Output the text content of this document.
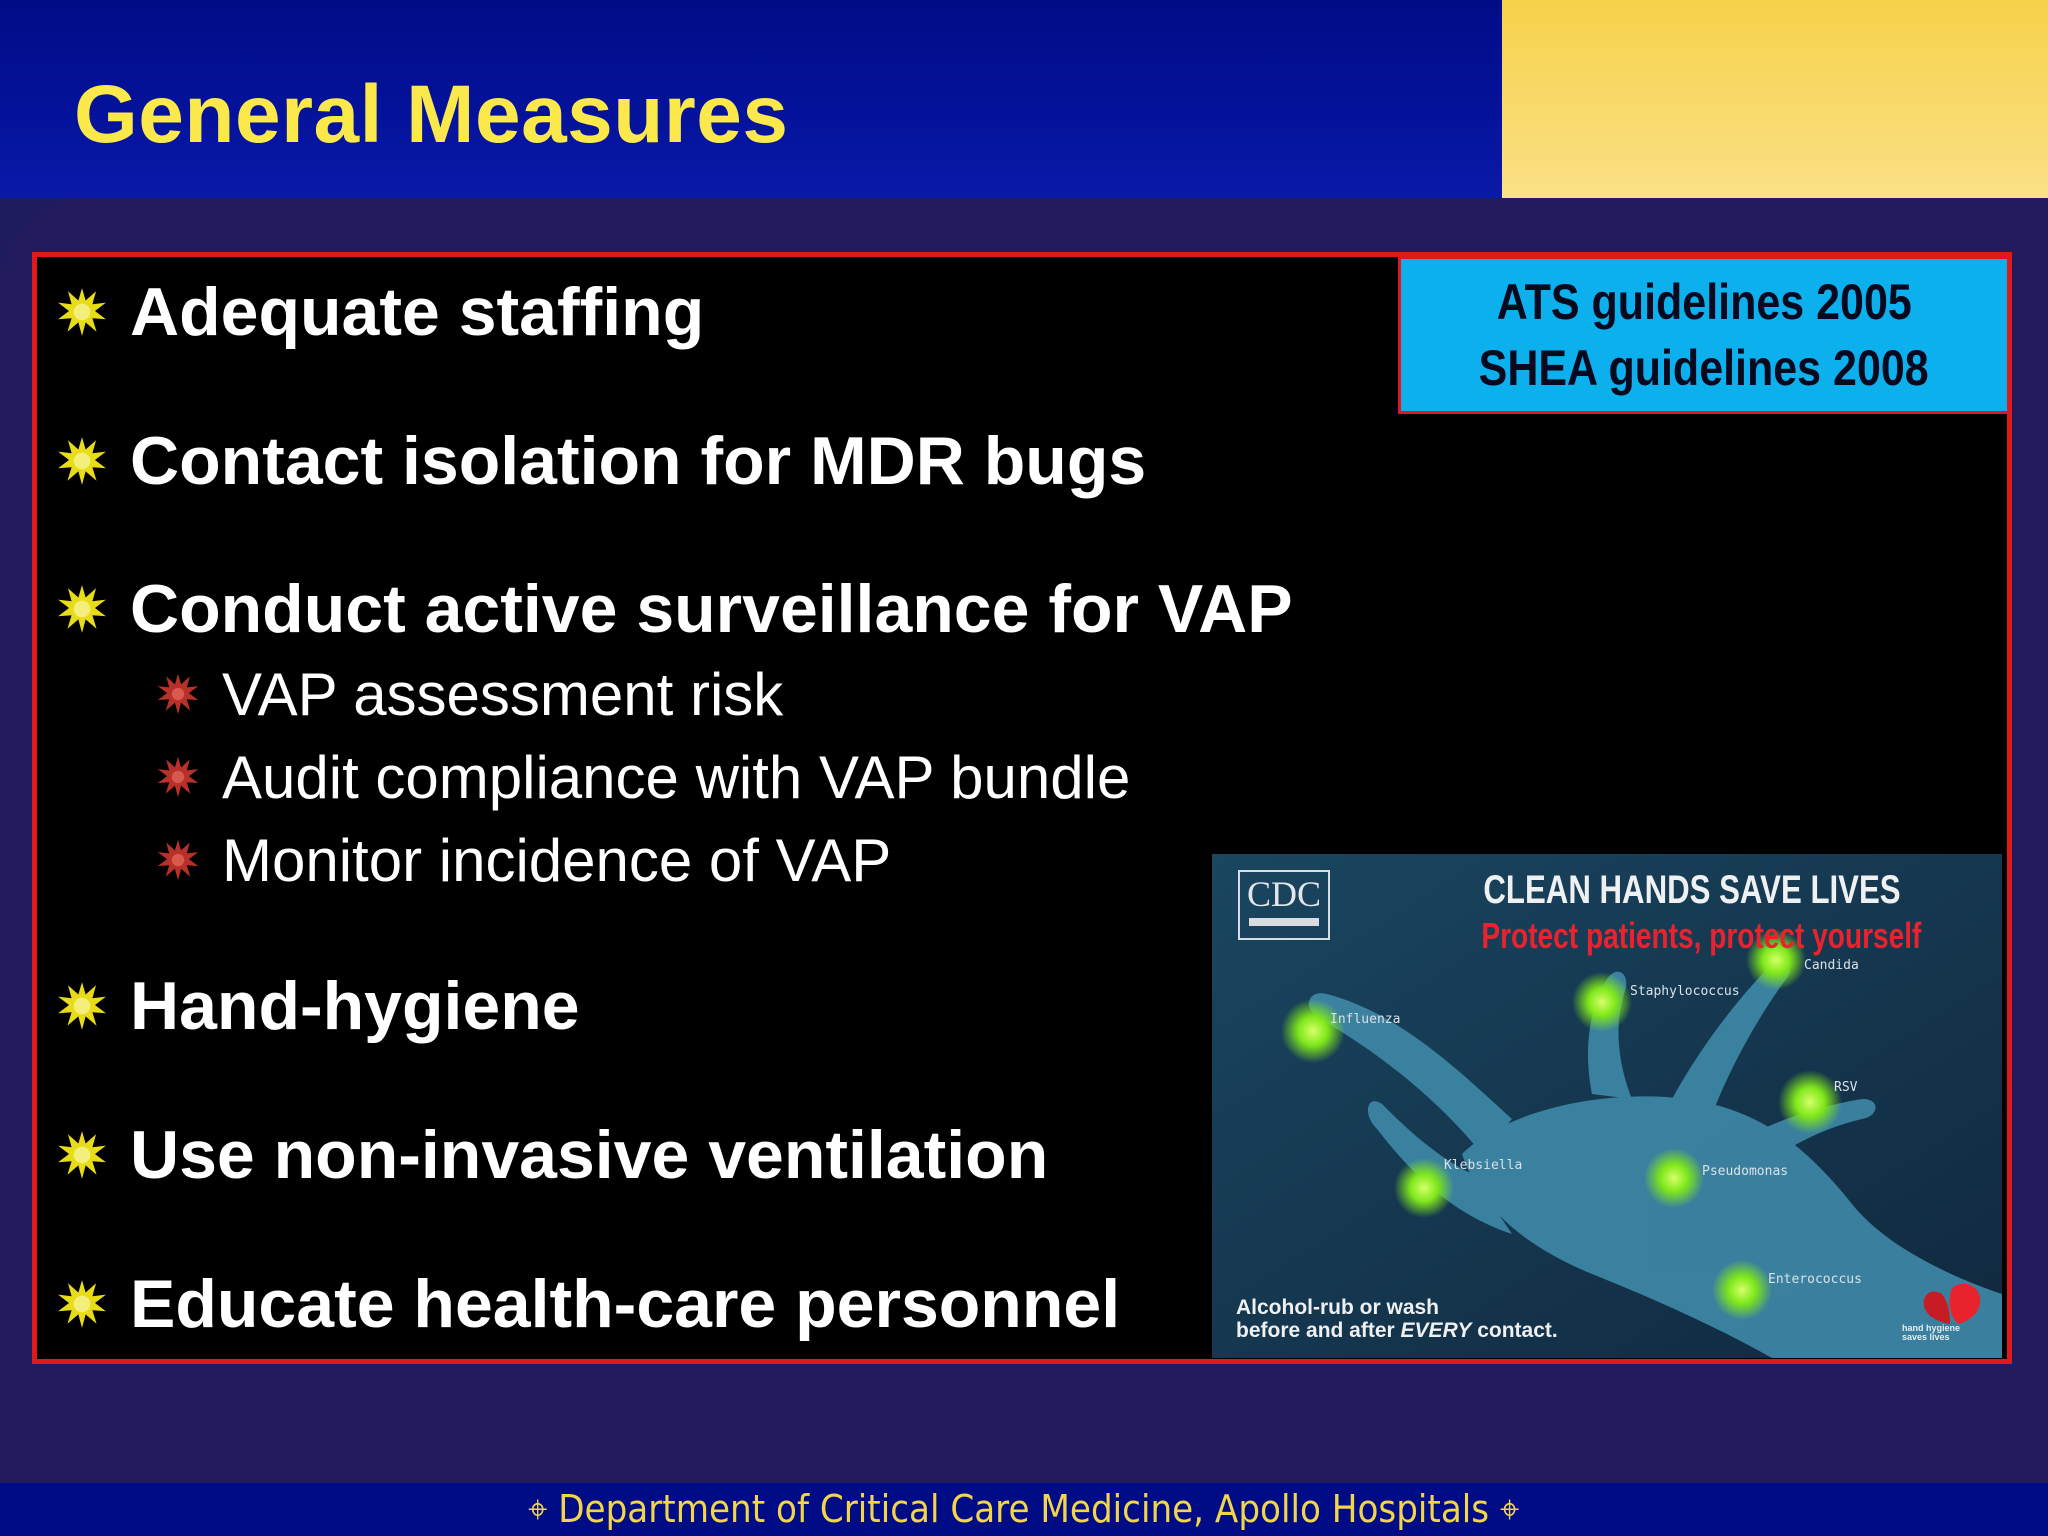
General Measures
Adequate staffing
Contact isolation for MDR bugs
Conduct active surveillance for VAP
VAP assessment risk
Audit compliance with VAP bundle
Monitor incidence of VAP
Hand-hygiene
Use non-invasive ventilation
Educate health-care personnel
ATS guidelines 2005
SHEA guidelines 2008
CDC	CLEAN HANDS SAVE LIVES
Protect patients, protect yourself
Influenza
Staphylococcus
Candida
RSV
Klebsiella	Pseudomonas
Enterococcus
Alcohol-rub or wash
before and after EVERY contact.	hand hygiene saves lives
⌖ Department of Critical Care Medicine, Apollo Hospitals ⌖
